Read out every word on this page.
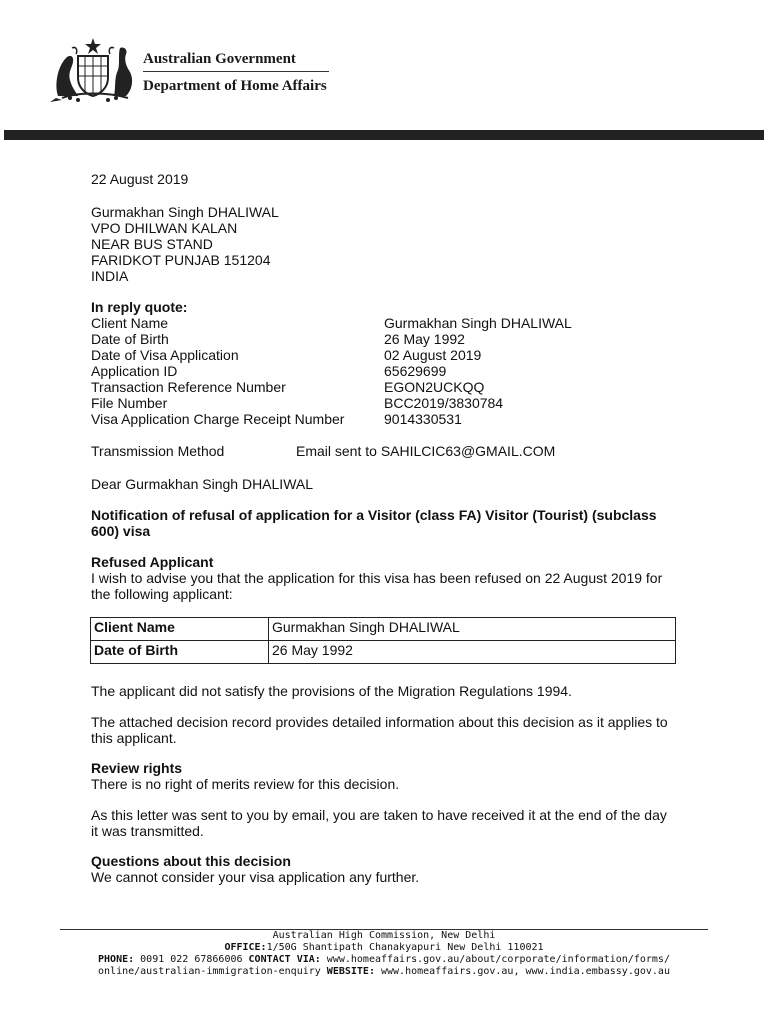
Australian Government
Department of Home Affairs
22 August 2019
Gurmakhan Singh DHALIWAL
VPO DHILWAN KALAN
NEAR BUS STAND
FARIDKOT PUNJAB 151204
INDIA
In reply quote:
Client Name	Gurmakhan Singh DHALIWAL
Date of Birth	26 May 1992
Date of Visa Application	02 August 2019
Application ID	65629699
Transaction Reference Number	EGON2UCKQQ
File Number	BCC2019/3830784
Visa Application Charge Receipt Number	9014330531
Transmission Method	Email sent to SAHILCIC63@GMAIL.COM
Dear Gurmakhan Singh DHALIWAL
Notification of refusal of application for a Visitor (class FA) Visitor (Tourist) (subclass
600) visa
Refused Applicant
I wish to advise you that the application for this visa has been refused on 22 August 2019 for
the following applicant:
Client Name	Gurmakhan Singh DHALIWAL
Date of Birth	26 May 1992
The applicant did not satisfy the provisions of the Migration Regulations 1994.
The attached decision record provides detailed information about this decision as it applies to
this applicant.
Review rights
There is no right of merits review for this decision.
As this letter was sent to you by email, you are taken to have received it at the end of the day
it was transmitted.
Questions about this decision
We cannot consider your visa application any further.
Australian High Commission, New Delhi
OFFICE:1/50G Shantipath Chanakyapuri New Delhi 110021
PHONE: 0091 022 67866006 CONTACT VIA: www.homeaffairs.gov.au/about/corporate/information/forms/
online/australian-immigration-enquiry WEBSITE: www.homeaffairs.gov.au, www.india.embassy.gov.au
